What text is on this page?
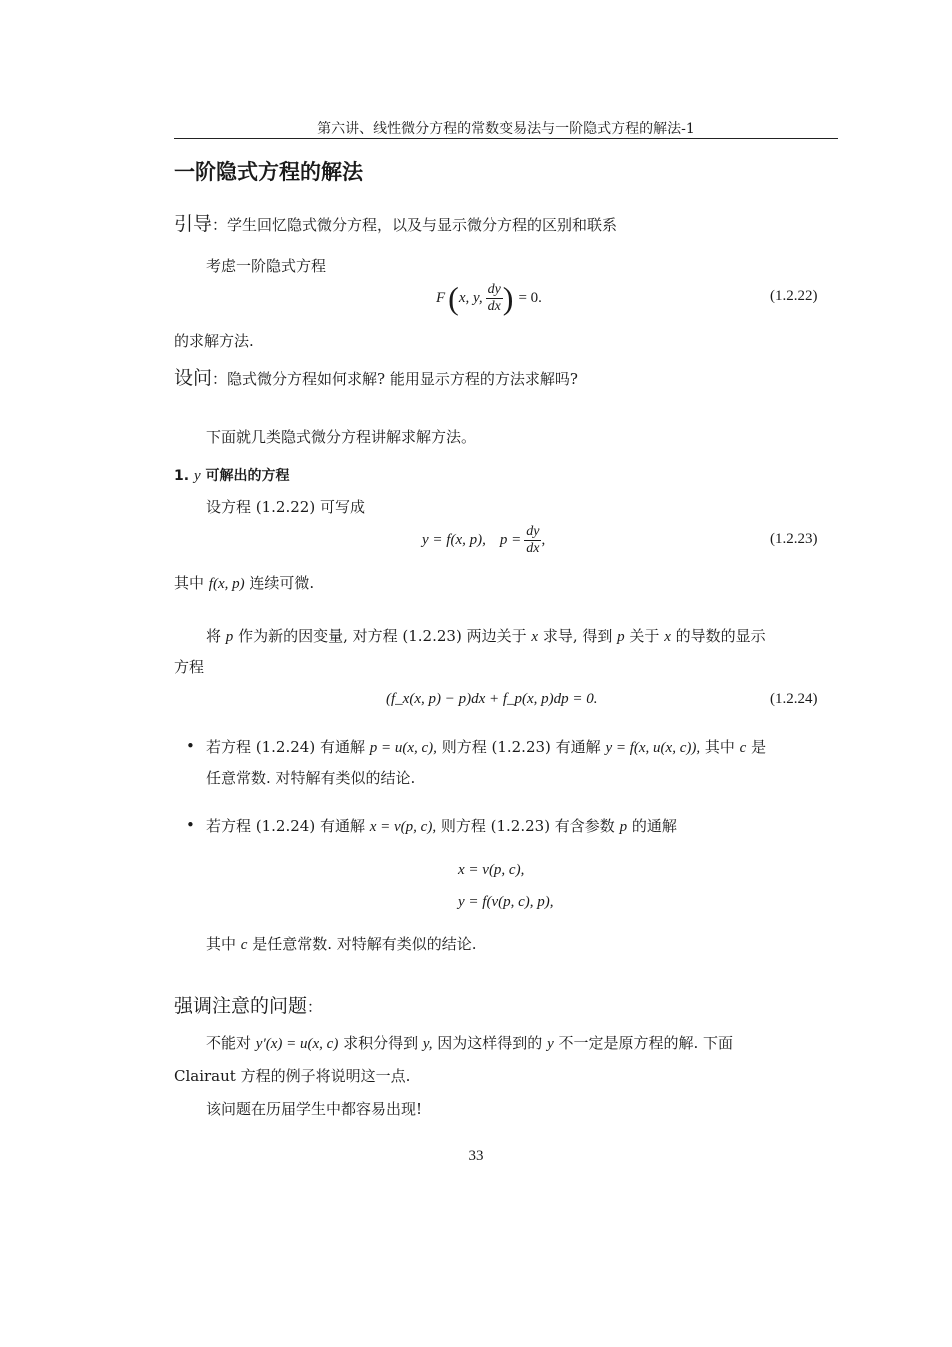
第六讲、线性微分方程的常数变易法与一阶隐式方程的解法-1
一阶隐式方程的解法
引导：学生回忆隐式微分方程，以及与显示微分方程的区别和联系
考虑一阶隐式方程
F ( x, y, $\frac{dy}{dx}$ ) = 0.	(1.2.22)
的求解方法.
设问：隐式微分方程如何求解? 能用显示方程的方法求解吗?
下面就几类隐式微分方程讲解求解方法。
1. y 可解出的方程
设方程 (1.2.22) 可写成
y = f(x, p), $p = \frac{dy}{dx}$ ,	(1.2.23)
其中 f(x, p) 连续可微.
将 p 作为新的因变量, 对方程 (1.2.23) 两边关于 x 求导, 得到 p 关于 x 的导数的显示
方程
(f_x(x, p) − p)dx + f_p(x, p)dp = 0.	(1.2.24)
• 若方程 (1.2.24) 有通解 p = u(x, c), 则方程 (1.2.23) 有通解 y = f(x, u(x, c)), 其中 c 是
任意常数. 对特解有类似的结论.
• 若方程 (1.2.24) 有通解 x = v(p, c), 则方程 (1.2.23) 有含参数 p 的通解
x = v(p, c),
y = f(v(p, c), p),
其中 c 是任意常数. 对特解有类似的结论.
强调注意的问题：
不能对 y′(x) = u(x, c) 求积分得到 y, 因为这样得到的 y 不一定是原方程的解. 下面
Clairaut 方程的例子将说明这一点.
该问题在历届学生中都容易出现!
33
